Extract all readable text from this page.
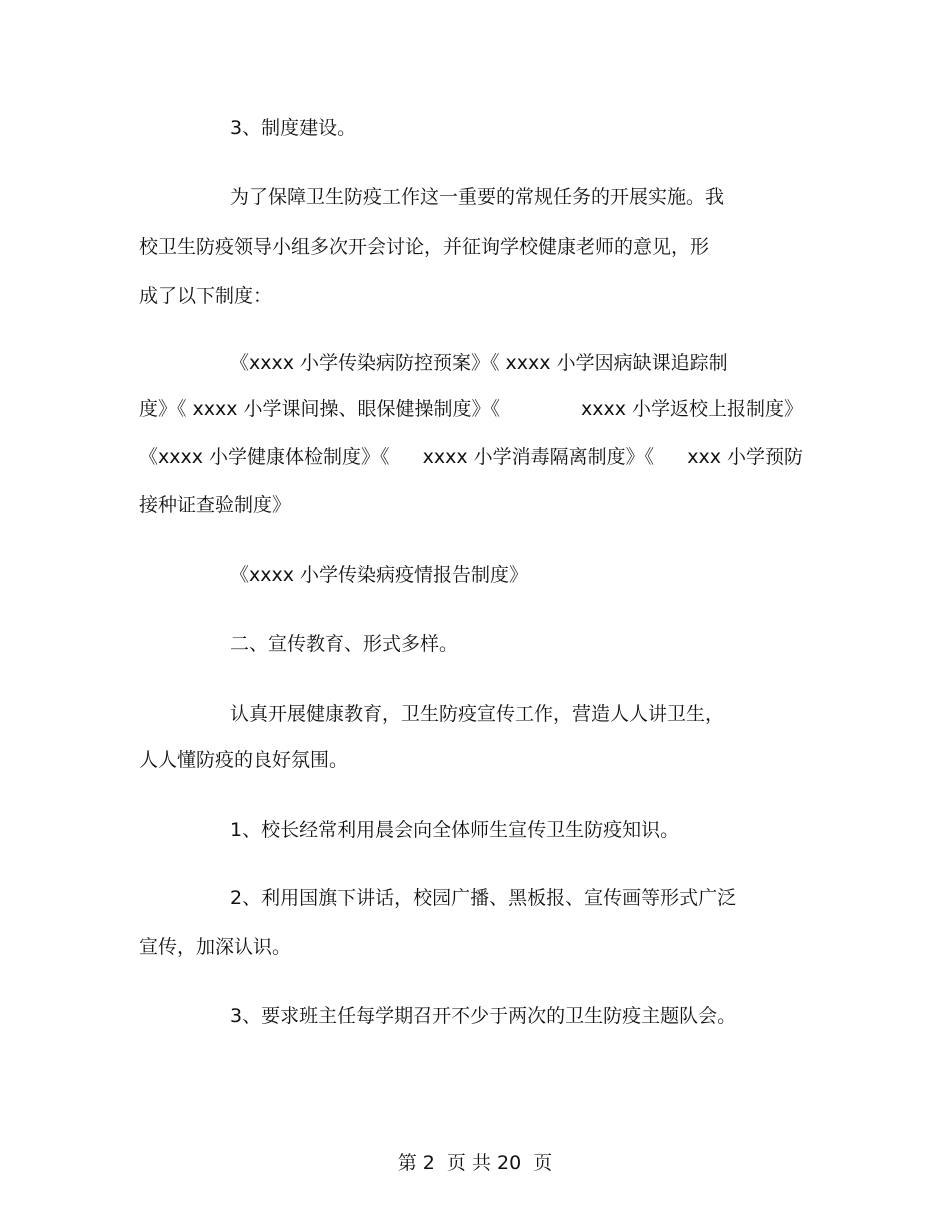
3、制度建设。
为了保障卫生防疫工作这一重要的常规任务的开展实施。我
校卫生防疫领导小组多次开会讨论，并征询学校健康老师的意见，形
成了以下制度：
《xxxx 小学传染病防控预案》《 xxxx 小学因病缺课追踪制
度》《 xxxx 小学课间操、眼保健操制度》《	xxxx 小学返校上报制度》
《xxxx 小学健康体检制度》《 xxxx 小学消毒隔离制度》《 xxx 小学预防
接种证查验制度》
《xxxx 小学传染病疫情报告制度》
二、宣传教育、形式多样。
认真开展健康教育，卫生防疫宣传工作，营造人人讲卫生，
人人懂防疫的良好氛围。
1、校长经常利用晨会向全体师生宣传卫生防疫知识。
2、利用国旗下讲话，校园广播、黑板报、宣传画等形式广泛
宣传，加深认识。
3、要求班主任每学期召开不少于两次的卫生防疫主题队会。
第 2  页 共 20  页
